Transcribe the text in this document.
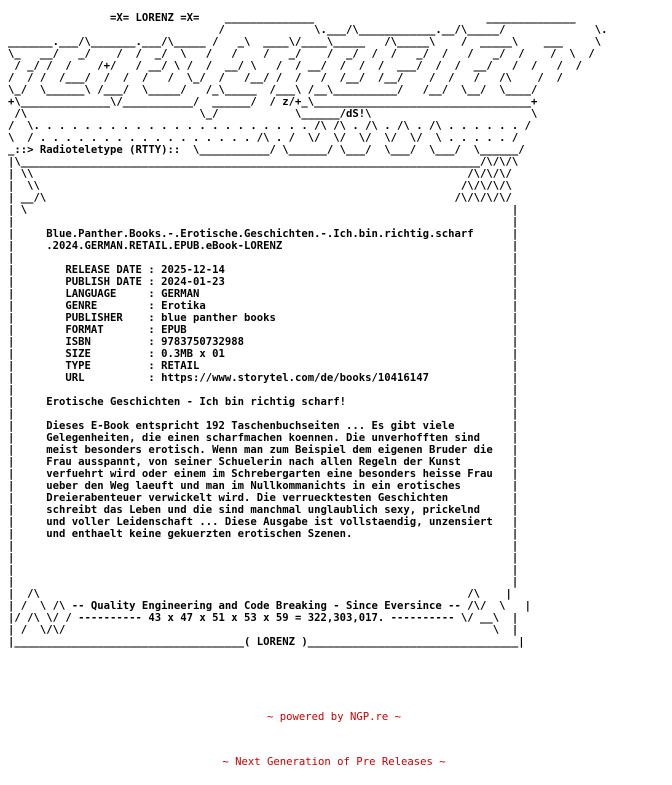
=X= LORENZ =X=    ______________                           ______________
/              \.___/\____________.__/\_____/              \.
_______.___/\_______.___/\_____ /   _\  ____\/____\_____   /\_____\    /  _____\    ___     \
\_   __/   _/    /  /  _/  \   /   /    /   _/    /  _/  /  /   _/  /   /   _/  /    /  \  /
/ _/ /  /    /+/   / __/ \ /  /  __/ \   /  / __/  /  /  /  ___/  /  /  __/   /  /   /  /
/  / /  /___/  /  /  /   /  \_/  /   /__/ /  /   /  /__/  /__/    /  /   /   /\    /  /
\_/  \______\ /___/  \_____/   /_\_____  /___\ /__\__________/   /__/  \__/  \____/
+\______________\/___________/  ______/  / z/+_\__________________________________+
/\                           \_/            \______/dS!\                         \
/  \. . . . . . . . . . . . . . . . . . . . . . /\ /\ . /\ . /\ . /\ . . . . . . /
\  / . . . . . . . . . . . . . . . . . /\ . /  \/  \/  \/  \/  \/  \ . . . . . /
_::> Radioteletype (RTTY)::  \___________/ \______/ \___/  \___/  \___/  \______/
|\________________________________________________________________________/\/\/\
| \\                                                                    /\/\/\/
|  \\                                                                  /\/\/\/\
| __/\                                                                /\/\/\/\/
| \                                                                            |
|                                                                              |
|     Blue.Panther.Books.-.Erotische.Geschichten.-.Ich.bin.richtig.scharf      |
|     .2024.GERMAN.RETAIL.EPUB.eBook-LORENZ                                    |
|                                                                              |
|        RELEASE DATE : 2025-12-14                                             |
|        PUBLISH DATE : 2024-01-23                                             |
|        LANGUAGE     : GERMAN                                                 |
|        GENRE        : Erotika                                                |
|        PUBLISHER    : blue panther books                                     |
|        FORMAT       : EPUB                                                   |
|        ISBN         : 9783750732988                                          |
|        SIZE         : 0.3MB x 01                                             |
|        TYPE         : RETAIL                                                 |
|        URL          : https://www.storytel.com/de/books/10416147             |
|                                                                              |
|     Erotische Geschichten - Ich bin richtig scharf!                          |
|                                                                              |
|     Dieses E-Book entspricht 192 Taschenbuchseiten ... Es gibt viele         |
|     Gelegenheiten, die einen scharfmachen koennen. Die unverhofften sind     |
|     meist besonders erotisch. Wenn man zum Beispiel dem eigenen Bruder die   |
|     Frau ausspannt, von seiner Schuelerin nach allen Regeln der Kunst        |
|     verfuehrt wird oder einem im Schrebergarten eine besonders heisse Frau   |
|     ueber den Weg laeuft und man im Nullkommanichts in ein erotisches        |
|     Dreierabenteuer verwickelt wird. Die verruecktesten Geschichten          |
|     schreibt das Leben und die sind manchmal unglaublich sexy, prickelnd     |
|     und voller Leidenschaft ... Diese Ausgabe ist vollstaendig, unzensiert   |
|     und enthaelt keine gekuerzten erotischen Szenen.                         |
|                                                                              |
|                                                                              |
|                                                                              |
|                                                                              |
|  /\                                                                   /\    |
| /  \ /\ -- Quality Engineering and Code Breaking - Since Eversince -- /\/  \   |
|/ /\ \/ / ---------- 43 x 47 x 51 x 53 x 59 = 322,303,017. ---------- \/ __\  |
| /  \/\/                                                                   \  |
|____________________________________( LORENZ )_________________________________|

~ powered by NGP.re ~

~ Next Generation of Pre Releases ~
